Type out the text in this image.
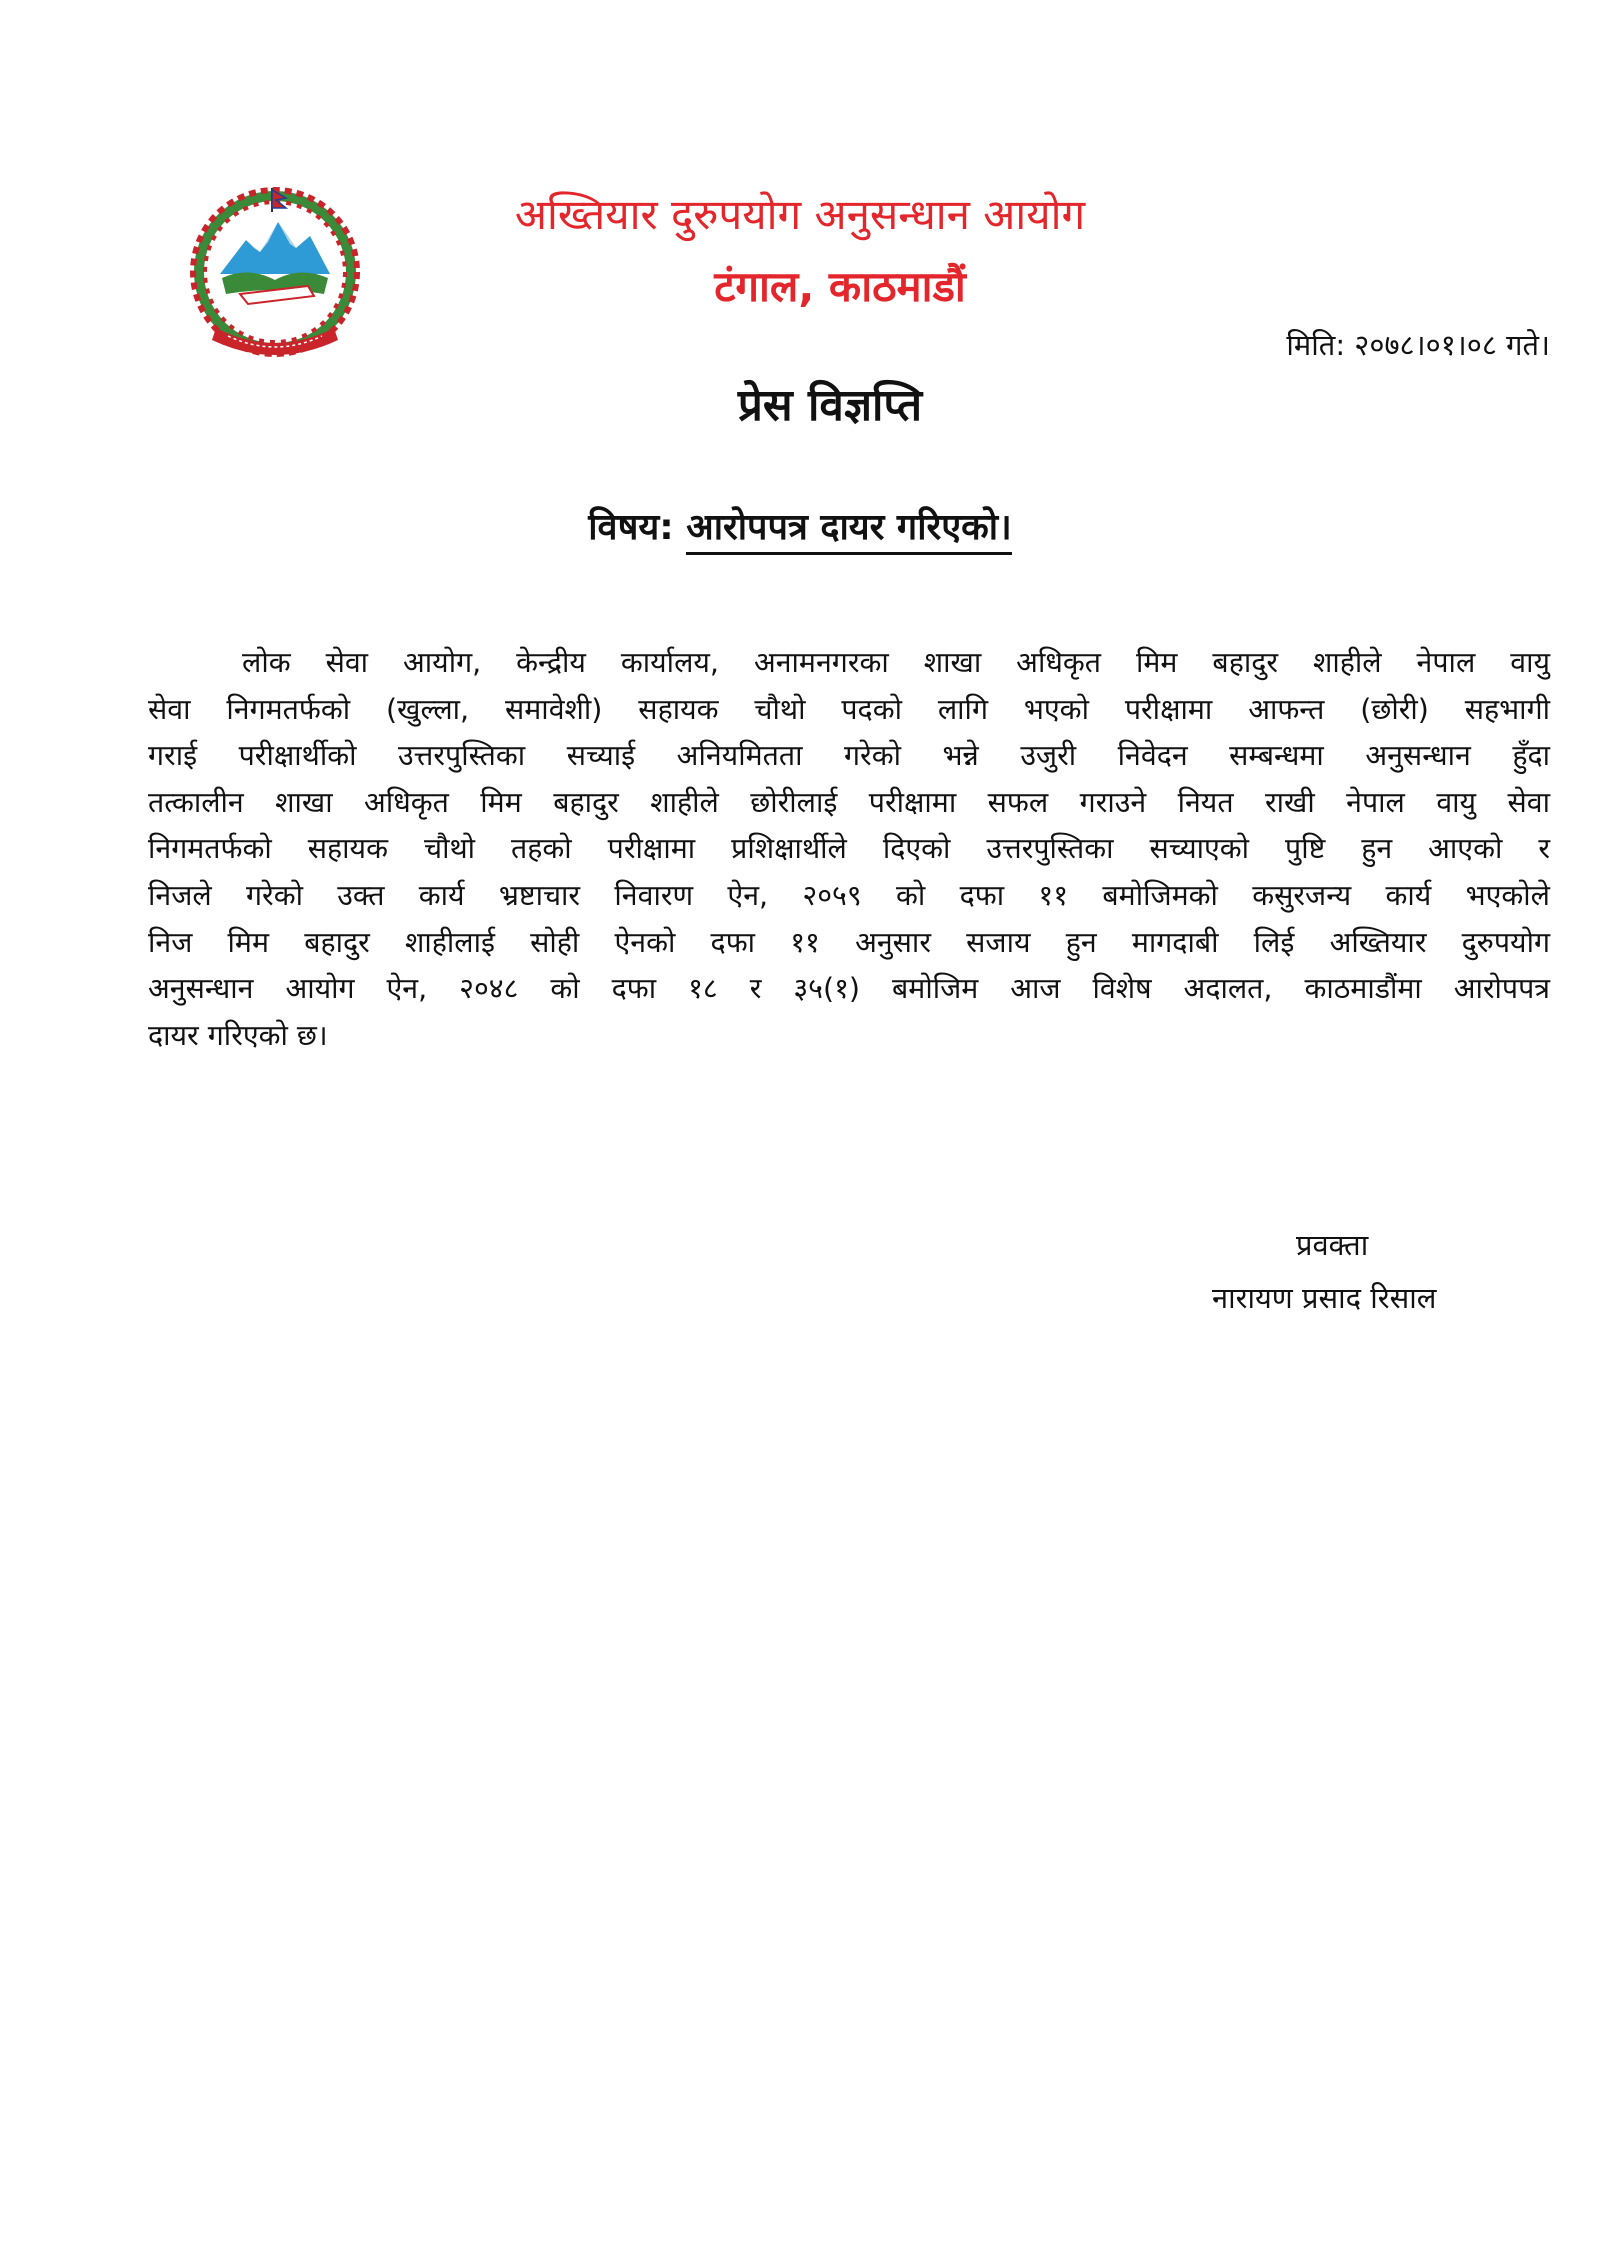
अख्तियार दुरुपयोग अनुसन्धान आयोग
टंगाल, काठमाडौं
मिति: २०७८।०१।०८ गते।
प्रेस विज्ञप्ति
विषय: आरोपपत्र दायर गरिएको।
लोक सेवा आयोग, केन्द्रीय कार्यालय, अनामनगरका शाखा अधिकृत मिम बहादुर शाहीले नेपाल वायु
सेवा निगमतर्फको (खुल्ला, समावेशी) सहायक चौथो पदको लागि भएको परीक्षामा आफन्त (छोरी) सहभागी
गराई परीक्षार्थीको उत्तरपुस्तिका सच्याई अनियमितता गरेको भन्ने उजुरी निवेदन सम्बन्धमा अनुसन्धान हुँदा
तत्कालीन शाखा अधिकृत मिम बहादुर शाहीले छोरीलाई परीक्षामा सफल गराउने नियत राखी नेपाल वायु सेवा
निगमतर्फको सहायक चौथो तहको परीक्षामा प्रशिक्षार्थीले दिएको उत्तरपुस्तिका सच्याएको पुष्टि हुन आएको र
निजले गरेको उक्त कार्य भ्रष्टाचार निवारण ऐन, २०५९ को दफा ११ बमोजिमको कसुरजन्य कार्य भएकोले
निज मिम बहादुर शाहीलाई सोही ऐनको दफा ११ अनुसार सजाय हुन मागदाबी लिई अख्तियार दुरुपयोग
अनुसन्धान आयोग ऐन, २०४८ को दफा १८ र ३५(१) बमोजिम आज विशेष अदालत, काठमाडौंमा आरोपपत्र
दायर गरिएको छ।
प्रवक्ता
नारायण प्रसाद रिसाल
